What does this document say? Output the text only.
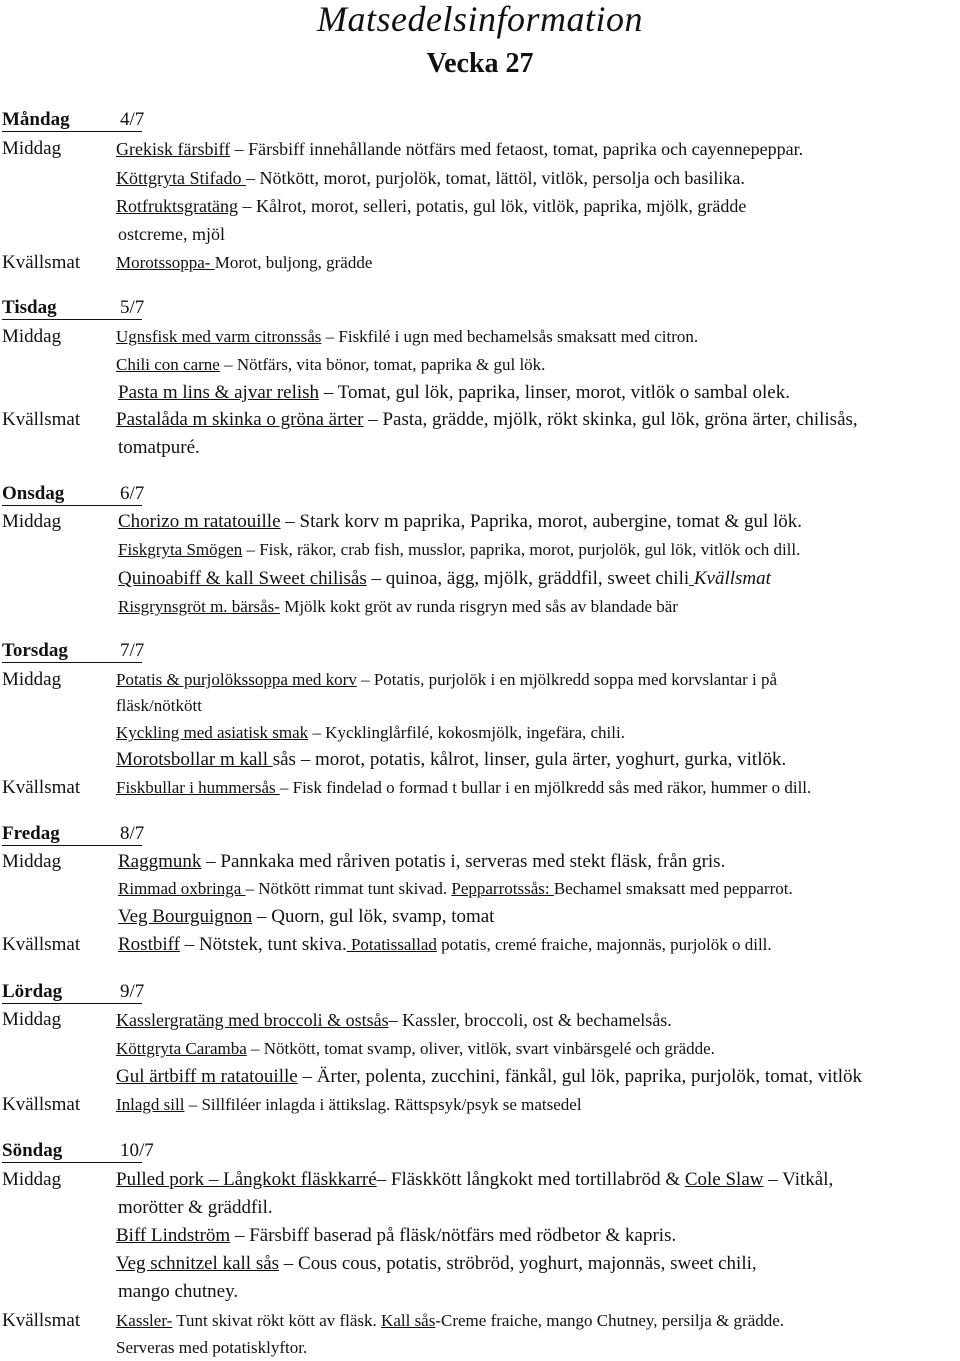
Matsedelsinformation
Vecka 27
Måndag	4/7
Middag	Grekisk färsbiff – Färsbiff innehållande nötfärs med fetaost, tomat, paprika och cayennepeppar.
Köttgryta Stifado – Nötkött, morot, purjolök, tomat, lättöl, vitlök, persolja och basilika.
Rotfruktsgratäng – Kålrot, morot, selleri, potatis, gul lök, vitlök, paprika, mjölk, grädde
ostcreme, mjöl
Kvällsmat Morotssoppa- Morot, buljong, grädde
Tisdag	5/7
Middag	Ugnsfisk med varm citronssås – Fiskfilé i ugn med bechamelsås smaksatt med citron.
Chili con carne – Nötfärs, vita bönor, tomat, paprika & gul lök.
Pasta m lins & ajvar relish – Tomat, gul lök, paprika, linser, morot, vitlök o sambal olek.
Kvällsmat Pastalåda m skinka o gröna ärter – Pasta, grädde, mjölk, rökt skinka, gul lök, gröna ärter, chilisås,
tomatpuré.
Onsdag	6/7
Middag	Chorizo m ratatouille – Stark korv m paprika, Paprika, morot, aubergine, tomat & gul lök.
Fiskgryta Smögen – Fisk, räkor, crab fish, musslor, paprika, morot, purjolök, gul lök, vitlök och dill.
Quinoabiff & kall Sweet chilisås – quinoa, ägg, mjölk, gräddfil, sweet chili Kvällsmat
Risgrynsgröt m. bärsås- Mjölk kokt gröt av runda risgryn med sås av blandade bär
Torsdag	7/7
Middag	Potatis & purjolökssoppa med korv – Potatis, purjolök i en mjölkredd soppa med korvslantar i på
fläsk/nötkött
Kyckling med asiatisk smak – Kycklinglårfilé, kokosmjölk, ingefära, chili.
Morotsbollar m kall sås – morot, potatis, kålrot, linser, gula ärter, yoghurt, gurka, vitlök.
Kvällsmat Fiskbullar i hummersås – Fisk findelad o formad t bullar i en mjölkredd sås med räkor, hummer o dill.
Fredag	8/7
Middag	Raggmunk – Pannkaka med råriven potatis i, serveras med stekt fläsk, från gris.
Rimmad oxbringa – Nötkött rimmat tunt skivad. Pepparrotssås: Bechamel smaksatt med pepparrot.
Veg Bourguignon – Quorn, gul lök, svamp, tomat
Kvällsmat Rostbiff – Nötstek, tunt skiva. Potatissallad potatis, cremé fraiche, majonnäs, purjolök o dill.
Lördag	9/7
Middag	Kasslergratäng med broccoli & ostsås– Kassler, broccoli, ost & bechamelsås.
Köttgryta Caramba – Nötkött, tomat svamp, oliver, vitlök, svart vinbärsgelé och grädde.
Gul ärtbiff m ratatouille – Ärter, polenta, zucchini, fänkål, gul lök, paprika, purjolök, tomat, vitlök
Kvällsmat Inlagd sill – Sillfiléer inlagda i ättikslag. Rättspsyk/psyk se matsedel
Söndag	10/7
Middag	Pulled pork – Långkokt fläskkarré– Fläskkött långkokt med tortillabröd & Cole Slaw – Vitkål,
morötter & gräddfil.
Biff Lindström – Färsbiff baserad på fläsk/nötfärs med rödbetor & kapris.
Veg schnitzel kall sås – Cous cous, potatis, ströbröd, yoghurt, majonnäs, sweet chili,
mango chutney.
Kvällsmat Kassler- Tunt skivat rökt kött av fläsk. Kall sås-Creme fraiche, mango Chutney, persilja & grädde.
Serveras med potatisklyftor.
